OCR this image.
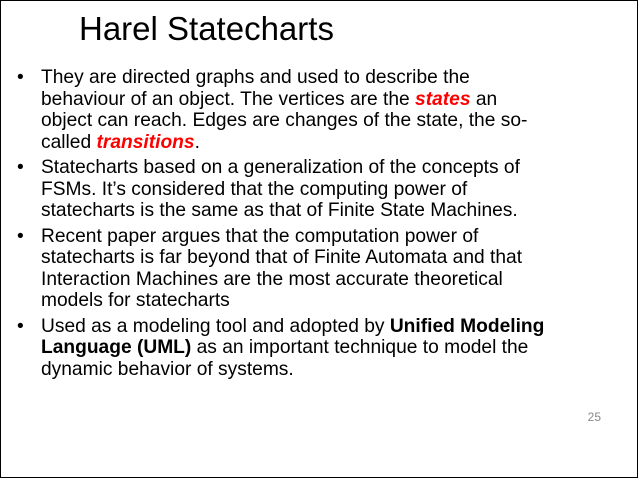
Harel Statecharts
• They are directed graphs and used to describe the
behaviour of an object. The vertices are the states an
object can reach. Edges are changes of the state, the so-
called transitions.
• Statecharts based on a generalization of the concepts of
FSMs. It’s considered that the computing power of
statecharts is the same as that of Finite State Machines.
• Recent paper argues that the computation power of
statecharts is far beyond that of Finite Automata and that
Interaction Machines are the most accurate theoretical
models for statecharts
• Used as a modeling tool and adopted by Unified Modeling
Language (UML) as an important technique to model the
dynamic behavior of systems.
25
